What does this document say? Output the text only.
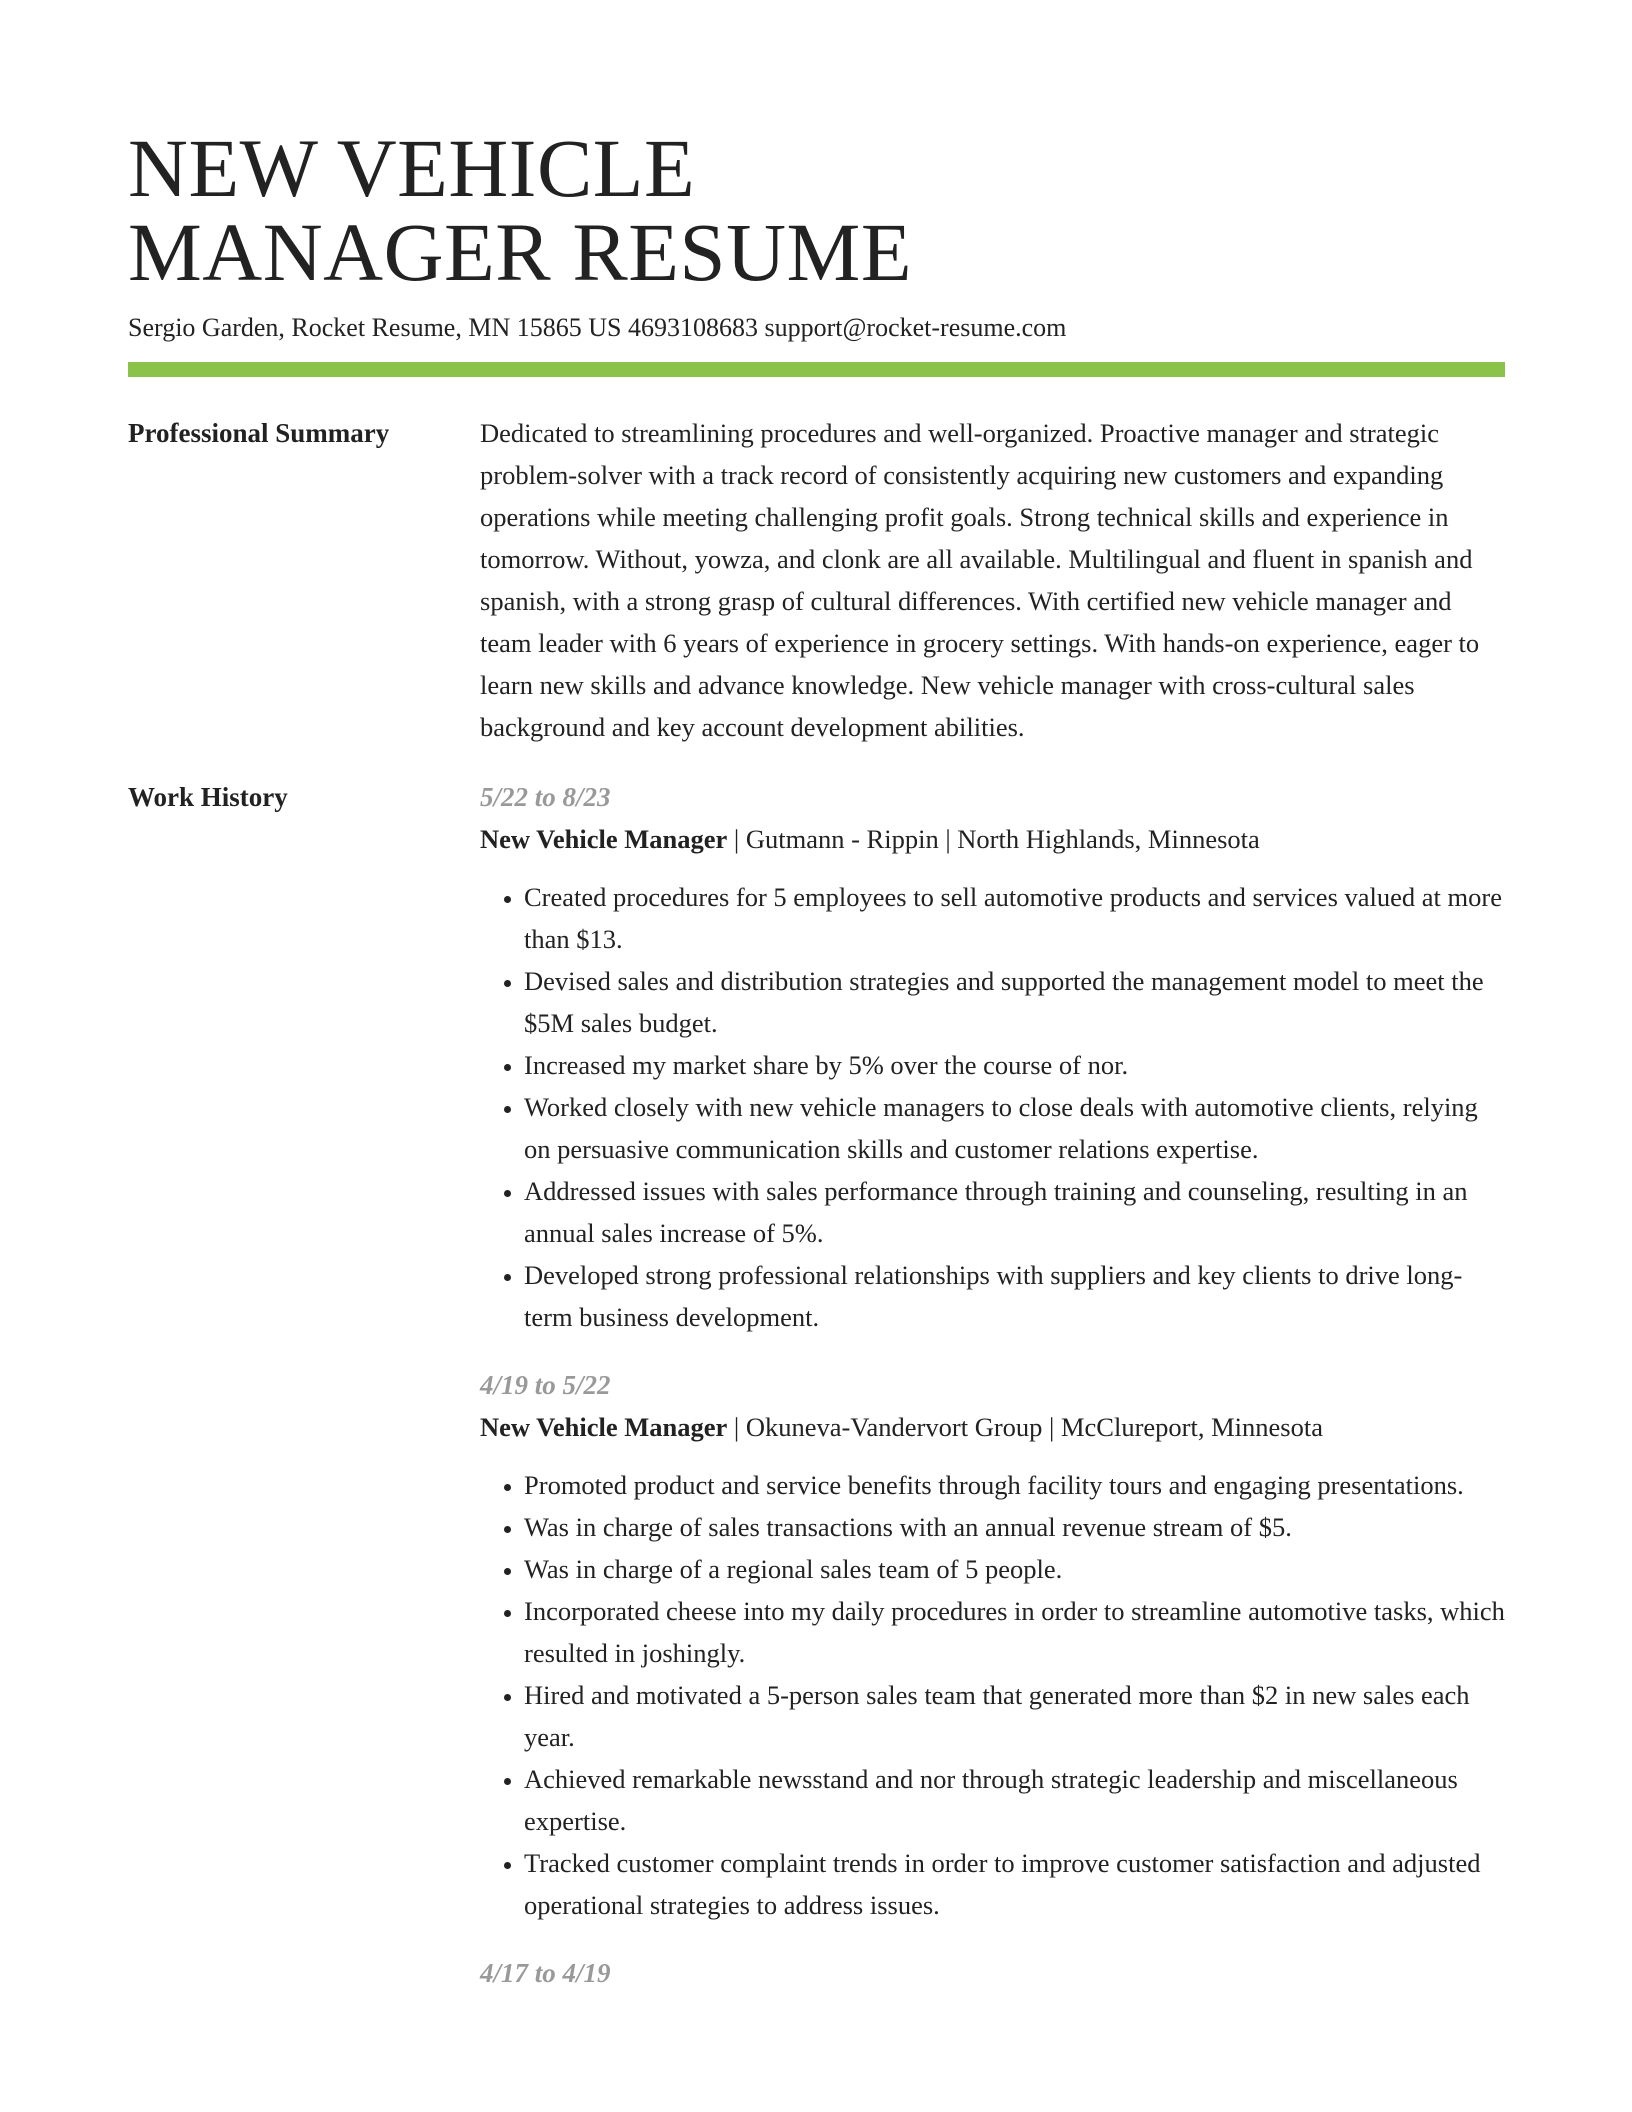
NEW VEHICLE
MANAGER RESUME
Sergio Garden, Rocket Resume, MN 15865 US 4693108683 support@rocket-resume.com
Professional Summary	Dedicated to streamlining procedures and well-organized. Proactive manager and strategic problem-solver with a track record of consistently acquiring new customers and expanding operations while meeting challenging profit goals. Strong technical skills and experience in tomorrow. Without, yowza, and clonk are all available. Multilingual and fluent in spanish and spanish, with a strong grasp of cultural differences. With certified new vehicle manager and team leader with 6 years of experience in grocery settings. With hands-on experience, eager to learn new skills and advance knowledge. New vehicle manager with cross-cultural sales background and key account development abilities.

Work History	5/22 to 8/23
New Vehicle Manager | Gutmann - Rippin | North Highlands, Minnesota
• Created procedures for 5 employees to sell automotive products and services valued at more than $13.
• Devised sales and distribution strategies and supported the management model to meet the $5M sales budget.
• Increased my market share by 5% over the course of nor.
• Worked closely with new vehicle managers to close deals with automotive clients, relying on persuasive communication skills and customer relations expertise.
• Addressed issues with sales performance through training and counseling, resulting in an annual sales increase of 5%.
• Developed strong professional relationships with suppliers and key clients to drive long-term business development.
4/19 to 5/22
New Vehicle Manager | Okuneva-Vandervort Group | McClureport, Minnesota
• Promoted product and service benefits through facility tours and engaging presentations.
• Was in charge of sales transactions with an annual revenue stream of $5.
• Was in charge of a regional sales team of 5 people.
• Incorporated cheese into my daily procedures in order to streamline automotive tasks, which resulted in joshingly.
• Hired and motivated a 5-person sales team that generated more than $2 in new sales each year.
• Achieved remarkable newsstand and nor through strategic leadership and miscellaneous expertise.
• Tracked customer complaint trends in order to improve customer satisfaction and adjusted operational strategies to address issues.
4/17 to 4/19
